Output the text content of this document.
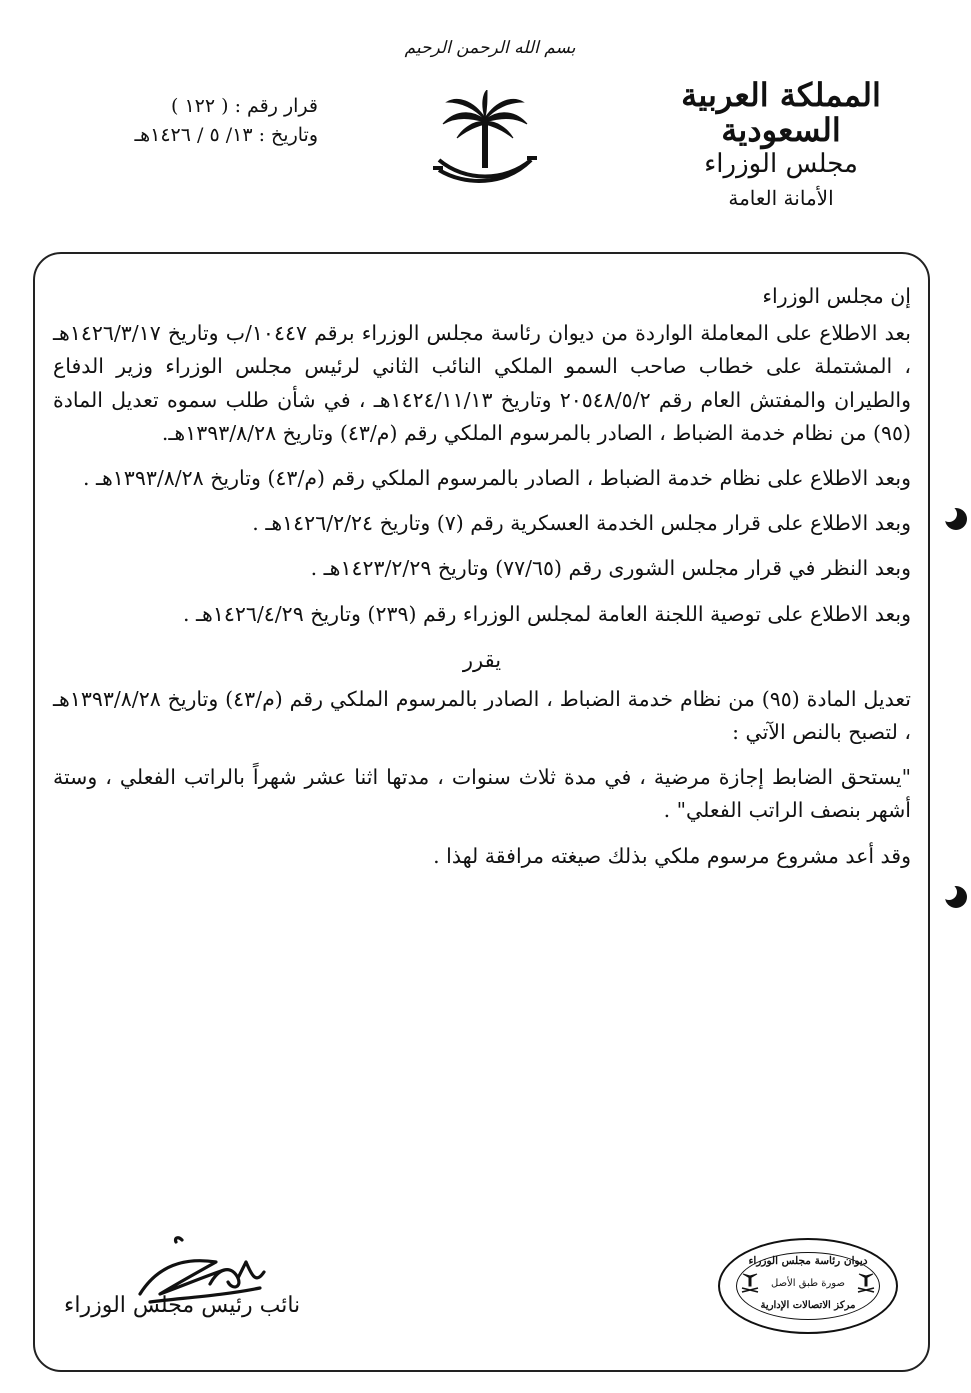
بسم الله الرحمن الرحيم
المملكة العربية السعودية
مجلس الوزراء
الأمانة العامة
قرار رقم : ( ١٢٢ )
وتاريخ : ١٣/ ٥ / ١٤٢٦هـ

إن مجلس الوزراء

بعد الاطلاع على المعاملة الواردة من ديوان رئاسة مجلس الوزراء برقم ١٠٤٤٧/ب وتاريخ ١٤٢٦/٣/١٧هـ ، المشتملة على خطاب صاحب السمو الملكي النائب الثاني لرئيس مجلس الوزراء وزير الدفاع والطيران والمفتش العام رقم ٢٠٥٤٨/٥/٢ وتاريخ ١٤٢٤/١١/١٣هـ ، في شأن طلب سموه تعديل المادة (٩٥) من نظام خدمة الضباط ، الصادر بالمرسوم الملكي رقم (م/٤٣) وتاريخ ١٣٩٣/٨/٢٨هـ.

وبعد الاطلاع على نظام خدمة الضباط ، الصادر بالمرسوم الملكي رقم (م/٤٣) وتاريخ ١٣٩٣/٨/٢٨هـ .

وبعد الاطلاع على قرار مجلس الخدمة العسكرية رقم (٧) وتاريخ ١٤٢٦/٢/٢٤هـ .

وبعد النظر في قرار مجلس الشورى رقم (٧٧/٦٥) وتاريخ ١٤٢٣/٢/٢٩هـ .

وبعد الاطلاع على توصية اللجنة العامة لمجلس الوزراء رقم (٢٣٩) وتاريخ ١٤٢٦/٤/٢٩هـ .

يقرر

تعديل المادة (٩٥) من نظام خدمة الضباط ، الصادر بالمرسوم الملكي رقم (م/٤٣) وتاريخ ١٣٩٣/٨/٢٨هـ ، لتصبح بالنص الآتي :

"يستحق الضابط إجازة مرضية ، في مدة ثلاث سنوات ، مدتها اثنا عشر شهراً بالراتب الفعلي ، وستة أشهر بنصف الراتب الفعلي" .

وقد أعد مشروع مرسوم ملكي بذلك صيغته مرافقة لهذا .

ديوان رئاسة مجلس الوزراء
صورة طبق الأصل
مركز الاتصالات الإدارية
نائب رئيس مجلس الوزراء
